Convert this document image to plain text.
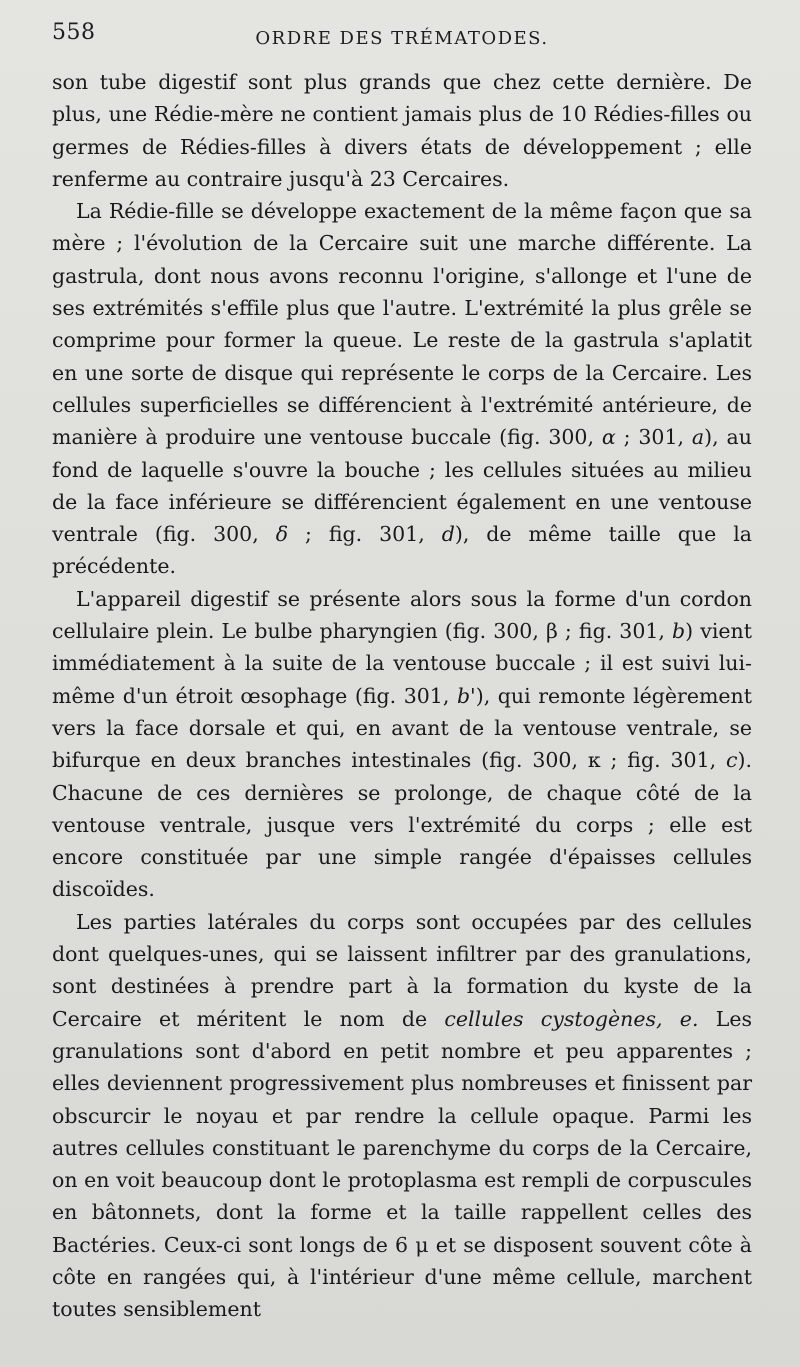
558	ORDRE DES TRÉMATODES.

son tube digestif sont plus grands que chez cette dernière. De plus, une Rédie-mère ne contient jamais plus de 10 Rédies-filles ou germes de Rédies-filles à divers états de développement ; elle renferme au contraire jusqu'à 23 Cercaires.

La Rédie-fille se développe exactement de la même façon que sa mère ; l'évolution de la Cercaire suit une marche différente. La gastrula, dont nous avons reconnu l'origine, s'allonge et l'une de ses extrémités s'effile plus que l'autre. L'extrémité la plus grêle se comprime pour former la queue. Le reste de la gastrula s'aplatit en une sorte de disque qui représente le corps de la Cercaire. Les cellules superficielles se différencient à l'extrémité antérieure, de manière à produire une ventouse buccale (fig. 300, α ; 301, a), au fond de laquelle s'ouvre la bouche ; les cellules situées au milieu de la face inférieure se différencient également en une ventouse ventrale (fig. 300, δ ; fig. 301, d), de même taille que la précédente.

L'appareil digestif se présente alors sous la forme d'un cordon cellulaire plein. Le bulbe pharyngien (fig. 300, β ; fig. 301, b) vient immédiatement à la suite de la ventouse buccale ; il est suivi lui-même d'un étroit œsophage (fig. 301, b'), qui remonte légèrement vers la face dorsale et qui, en avant de la ventouse ventrale, se bifurque en deux branches intestinales (fig. 300, κ ; fig. 301, c). Chacune de ces dernières se prolonge, de chaque côté de la ventouse ventrale, jusque vers l'extrémité du corps ; elle est encore constituée par une simple rangée d'épaisses cellules discoïdes.

Les parties latérales du corps sont occupées par des cellules dont quelques-unes, qui se laissent infiltrer par des granulations, sont destinées à prendre part à la formation du kyste de la Cercaire et méritent le nom de cellules cystogènes, e. Les granulations sont d'abord en petit nombre et peu apparentes ; elles deviennent progressivement plus nombreuses et finissent par obscurcir le noyau et par rendre la cellule opaque. Parmi les autres cellules constituant le parenchyme du corps de la Cercaire, on en voit beaucoup dont le protoplasma est rempli de corpuscules en bâtonnets, dont la forme et la taille rappellent celles des Bactéries. Ceux-ci sont longs de 6 μ et se disposent souvent côte à côte en rangées qui, à l'intérieur d'une même cellule, marchent toutes sensiblement
